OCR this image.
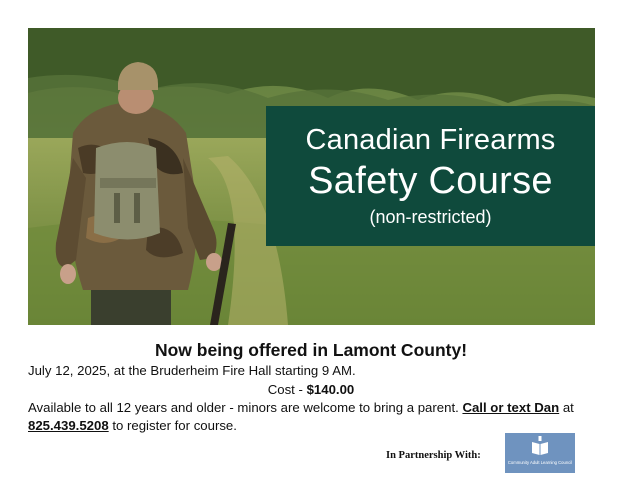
Canadian Firearms
Safety Course
(non-restricted)
Now being offered in Lamont County!
July 12, 2025, at the Bruderheim Fire Hall starting 9 AM.
Cost - $140.00
Available to all 12 years and older - minors are welcome to bring a parent. Call or text Dan at
825.439.5208 to register for course.
In Partnership With:
Community Adult Learning Council
